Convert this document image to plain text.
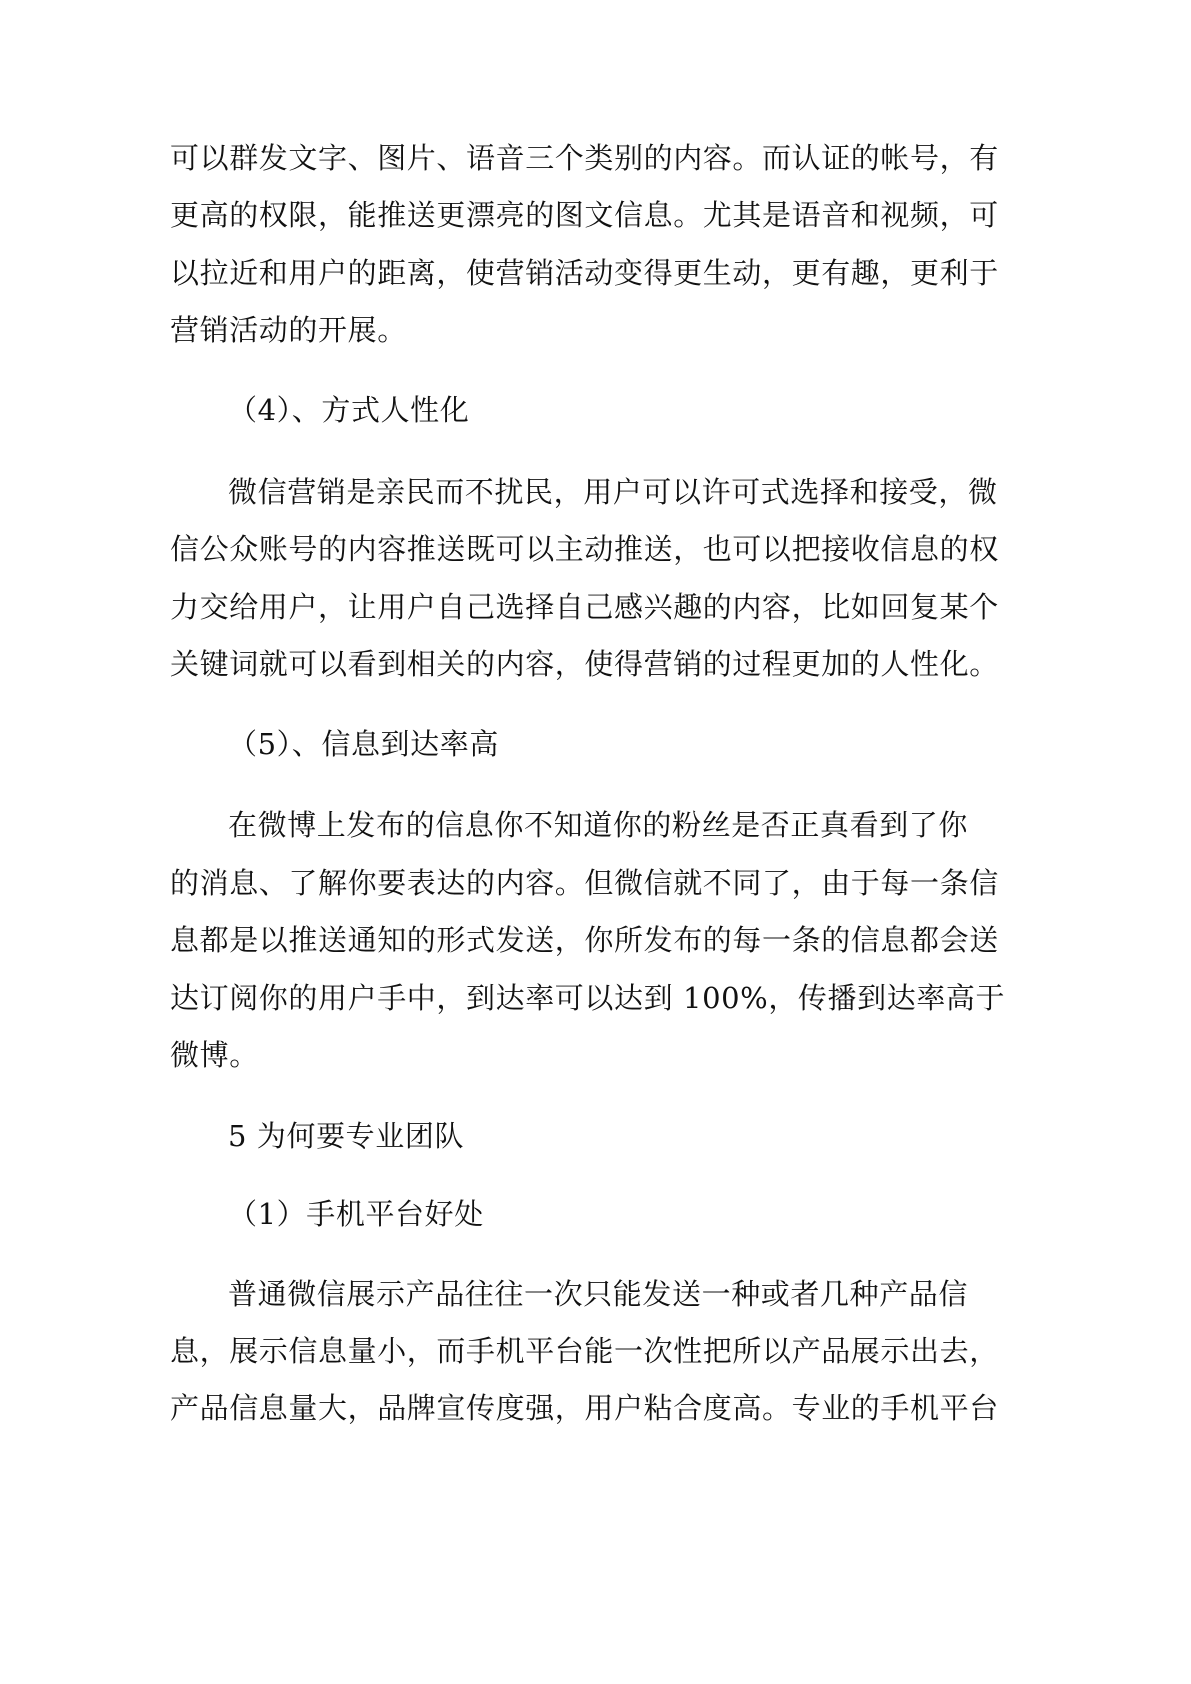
可以群发文字、图片、语音三个类别的内容。而认证的帐号，有
更高的权限，能推送更漂亮的图文信息。尤其是语音和视频，可
以拉近和用户的距离，使营销活动变得更生动，更有趣，更利于
营销活动的开展。
（4）、方式人性化
微信营销是亲民而不扰民，用户可以许可式选择和接受，微
信公众账号的内容推送既可以主动推送，也可以把接收信息的权
力交给用户，让用户自己选择自己感兴趣的内容，比如回复某个
关键词就可以看到相关的内容，使得营销的过程更加的人性化。
（5）、信息到达率高
在微博上发布的信息你不知道你的粉丝是否正真看到了你
的消息、了解你要表达的内容。但微信就不同了，由于每一条信
息都是以推送通知的形式发送，你所发布的每一条的信息都会送
达订阅你的用户手中，到达率可以达到 100%，传播到达率高于
微博。
5 为何要专业团队
（1）手机平台好处
普通微信展示产品往往一次只能发送一种或者几种产品信
息，展示信息量小，而手机平台能一次性把所以产品展示出去，
产品信息量大，品牌宣传度强，用户粘合度高。专业的手机平台
